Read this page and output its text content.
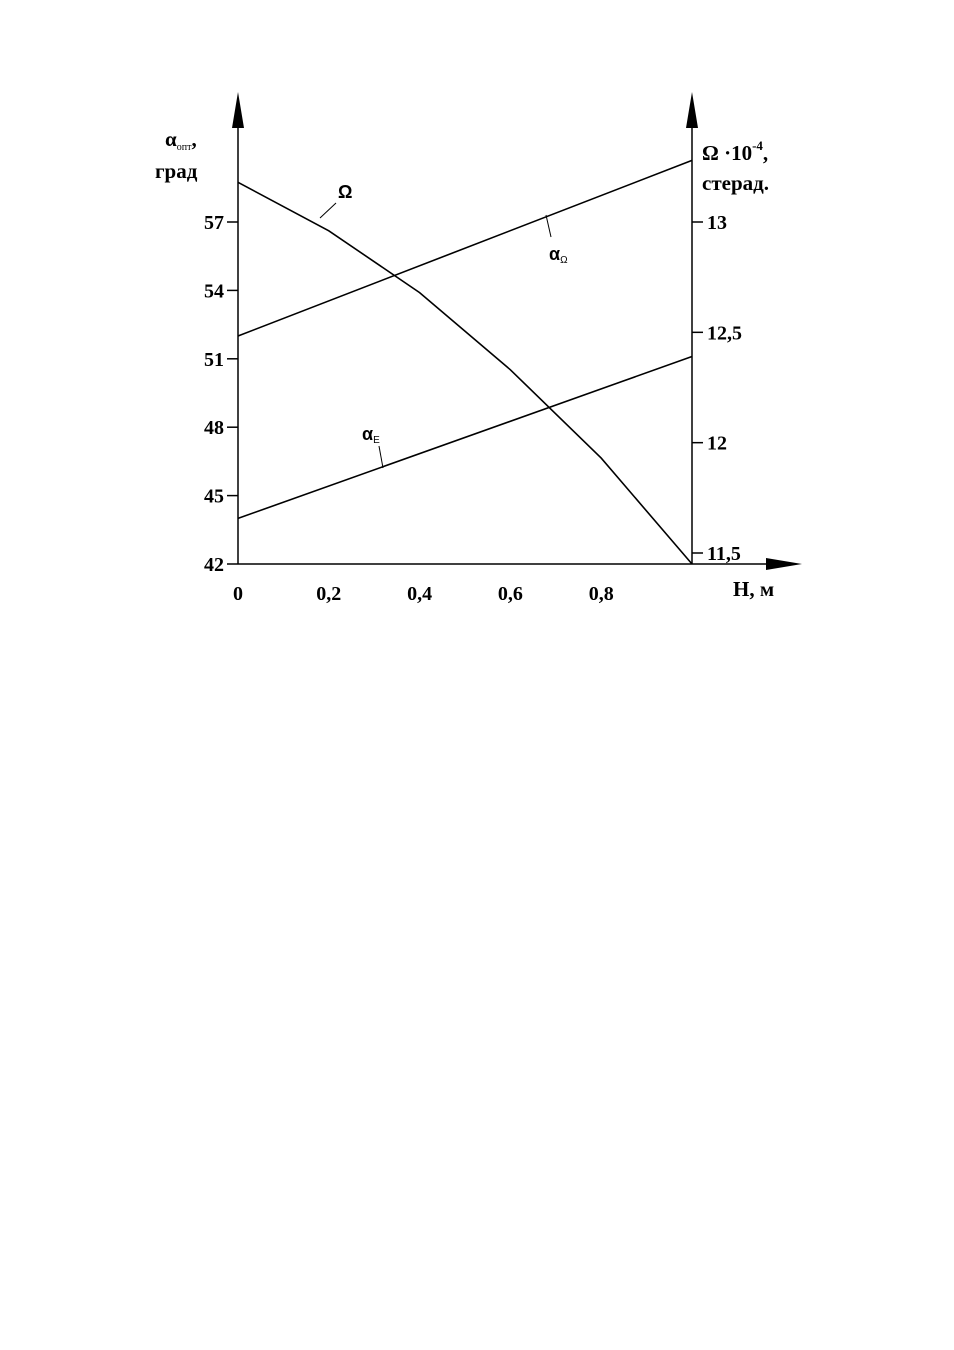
0	0,2	0,4	0,6	0,8
42
45
48
51
54
57
11,5
12
12,5
13
αопт,
град
$\Omega \cdot 10^{-4}$,
стерад.
Н, м
Ω
αΩ
αЕ
